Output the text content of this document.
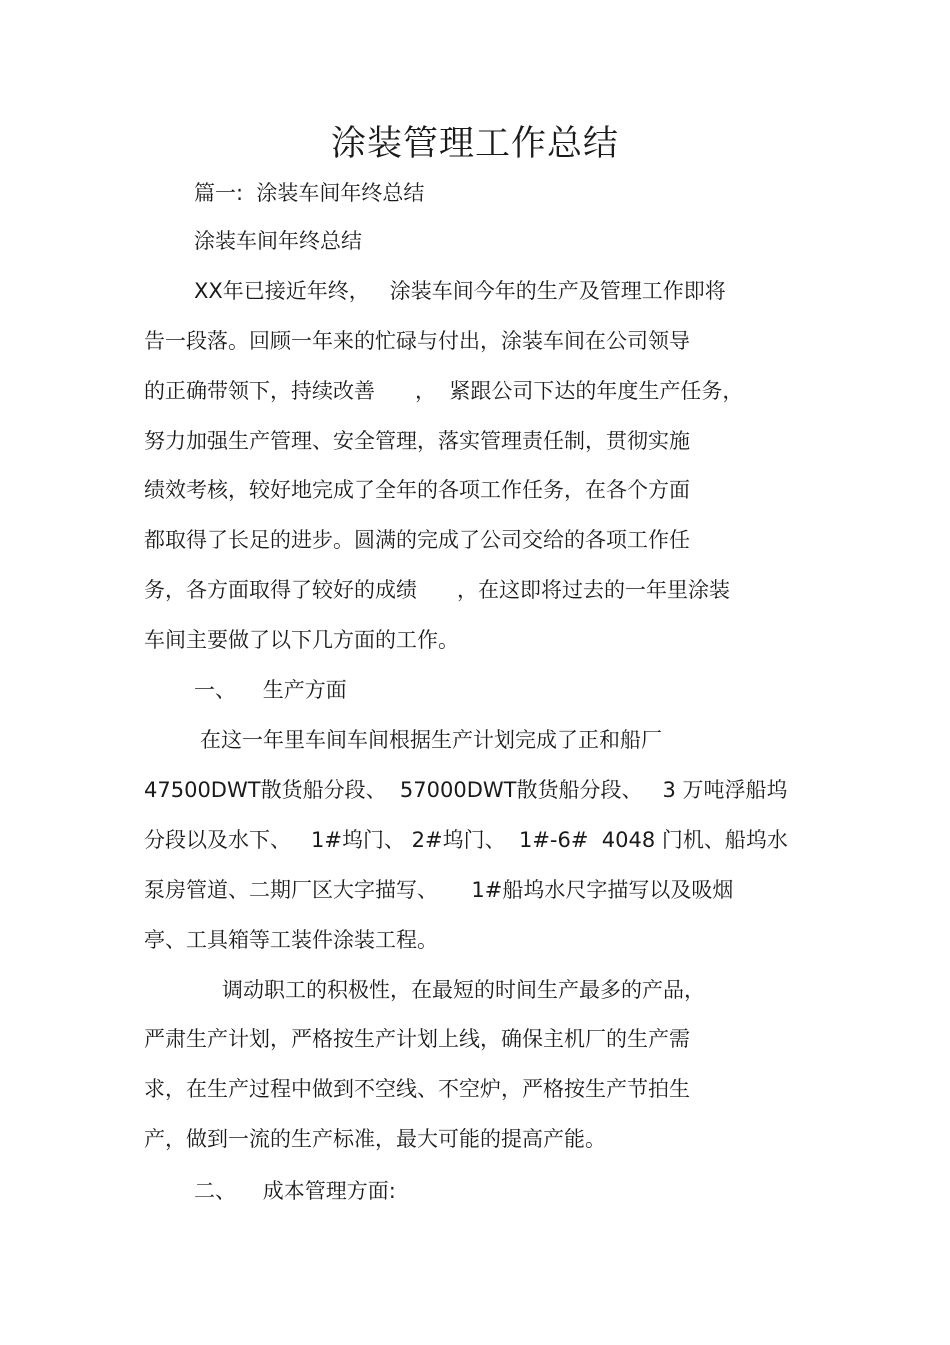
涂装管理工作总结
篇一:  涂装车间年终总结
涂装车间年终总结
XX年已接近年终，   涂装车间今年的生产及管理工作即将
告一段落。回顾一年来的忙碌与付出，涂装车间在公司领导
的正确带领下，持续改善      ，  紧跟公司下达的年度生产任务，
努力加强生产管理、安全管理，落实管理责任制，贯彻实施
绩效考核，较好地完成了全年的各项工作任务，在各个方面
都取得了长足的进步。圆满的完成了公司交给的各项工作任
务，各方面取得了较好的成绩      ，在这即将过去的一年里涂装
车间主要做了以下几方面的工作。
一、    生产方面
在这一年里车间车间根据生产计划完成了正和船厂
47500DWT散货船分段、  57000DWT散货船分段、   3 万吨浮船坞
分段以及水下、   1#坞门、 2#坞门、  1#-6#  4048 门机、船坞水
泵房管道、二期厂区大字描写、     1#船坞水尺字描写以及吸烟
亭、工具箱等工装件涂装工程。
调动职工的积极性，在最短的时间生产最多的产品，
严肃生产计划，严格按生产计划上线，确保主机厂的生产需
求，在生产过程中做到不空线、不空炉，严格按生产节拍生
产，做到一流的生产标准，最大可能的提高产能。
二、    成本管理方面:
